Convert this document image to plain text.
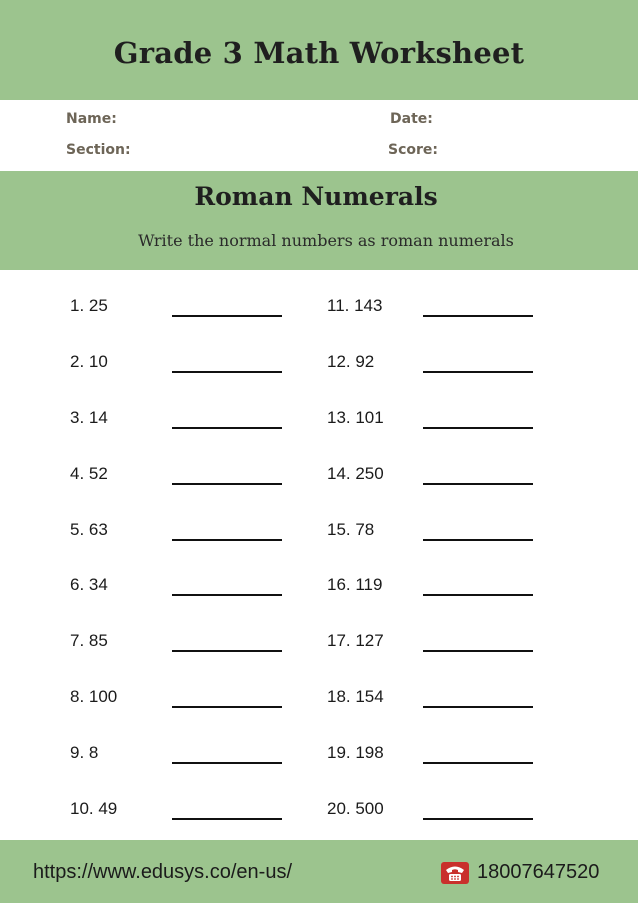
Grade 3 Math Worksheet
Name:	Date:
Section:	Score:
Roman Numerals
Write the normal numbers as roman numerals
1. 25
2. 10
3. 14
4. 52
5. 63
6. 34
7. 85
8. 100
9. 8
10. 49
11. 143
12. 92
13. 101
14. 250
15. 78
16. 119
17. 127
18. 154
19. 198
20. 500
https://www.edusys.co/en-us/	18007647520
